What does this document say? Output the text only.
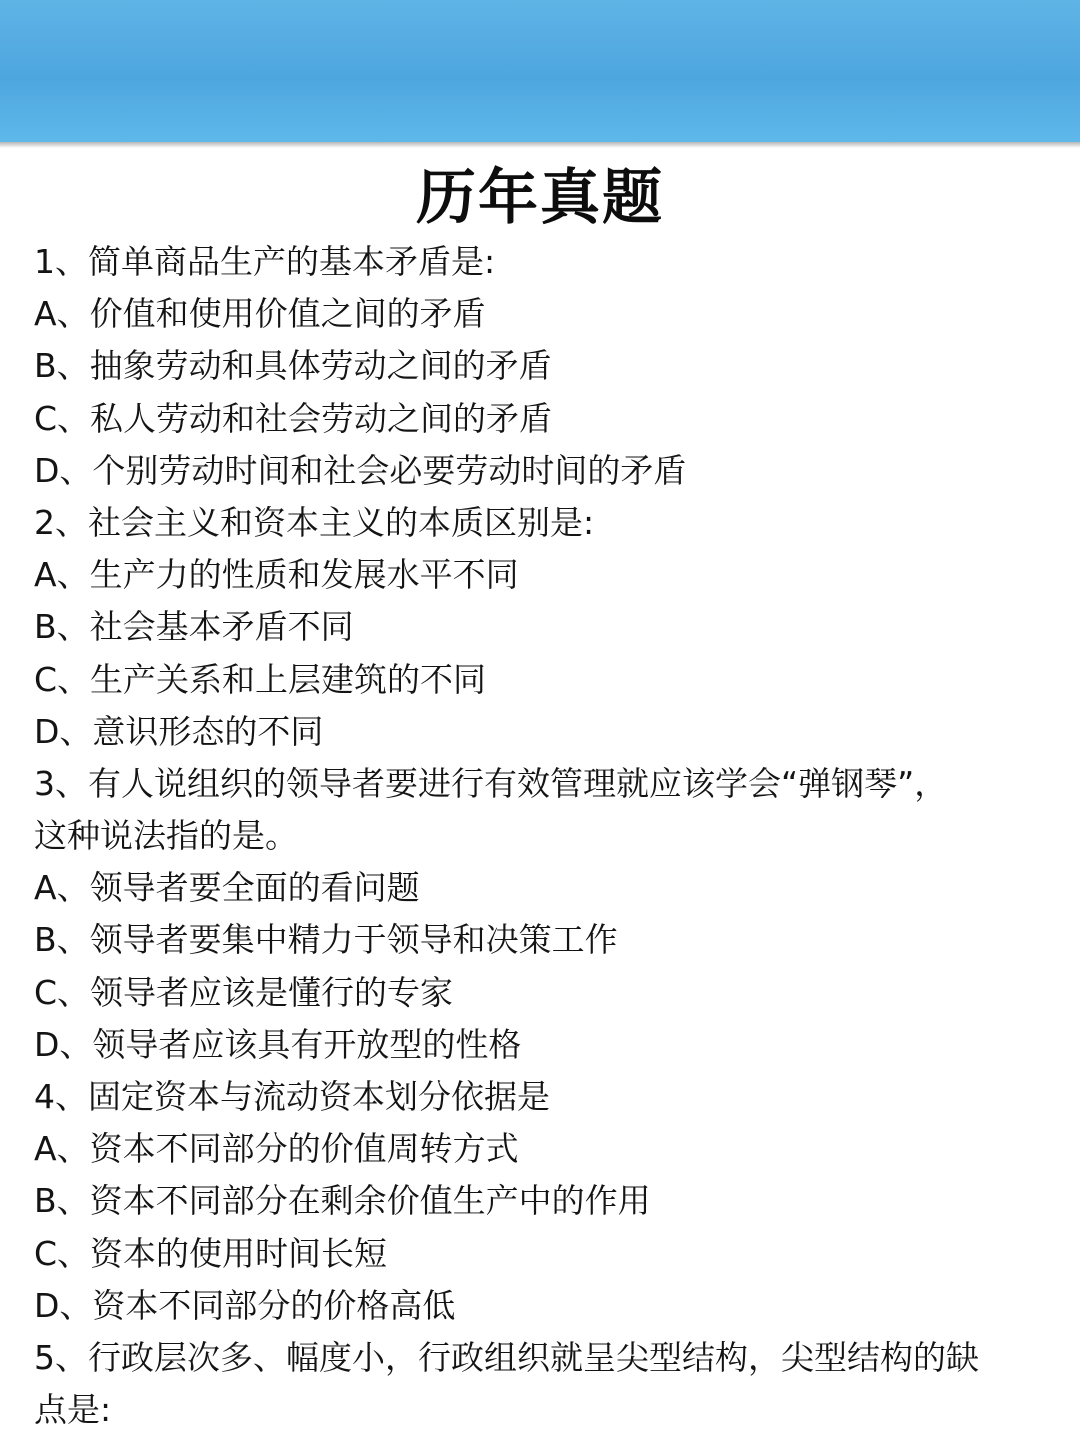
历年真题
1、简单商品生产的基本矛盾是:
A、价值和使用价值之间的矛盾
B、抽象劳动和具体劳动之间的矛盾
C、私人劳动和社会劳动之间的矛盾
D、个别劳动时间和社会必要劳动时间的矛盾
2、社会主义和资本主义的本质区别是:
A、生产力的性质和发展水平不同
B、社会基本矛盾不同
C、生产关系和上层建筑的不同
D、意识形态的不同
3、有人说组织的领导者要进行有效管理就应该学会“弹钢琴”，
这种说法指的是。
A、领导者要全面的看问题
B、领导者要集中精力于领导和决策工作
C、领导者应该是懂行的专家
D、领导者应该具有开放型的性格
4、固定资本与流动资本划分依据是
A、资本不同部分的价值周转方式
B、资本不同部分在剩余价值生产中的作用
C、资本的使用时间长短
D、资本不同部分的价格高低
5、行政层次多、幅度小，行政组织就呈尖型结构，尖型结构的缺
点是:
